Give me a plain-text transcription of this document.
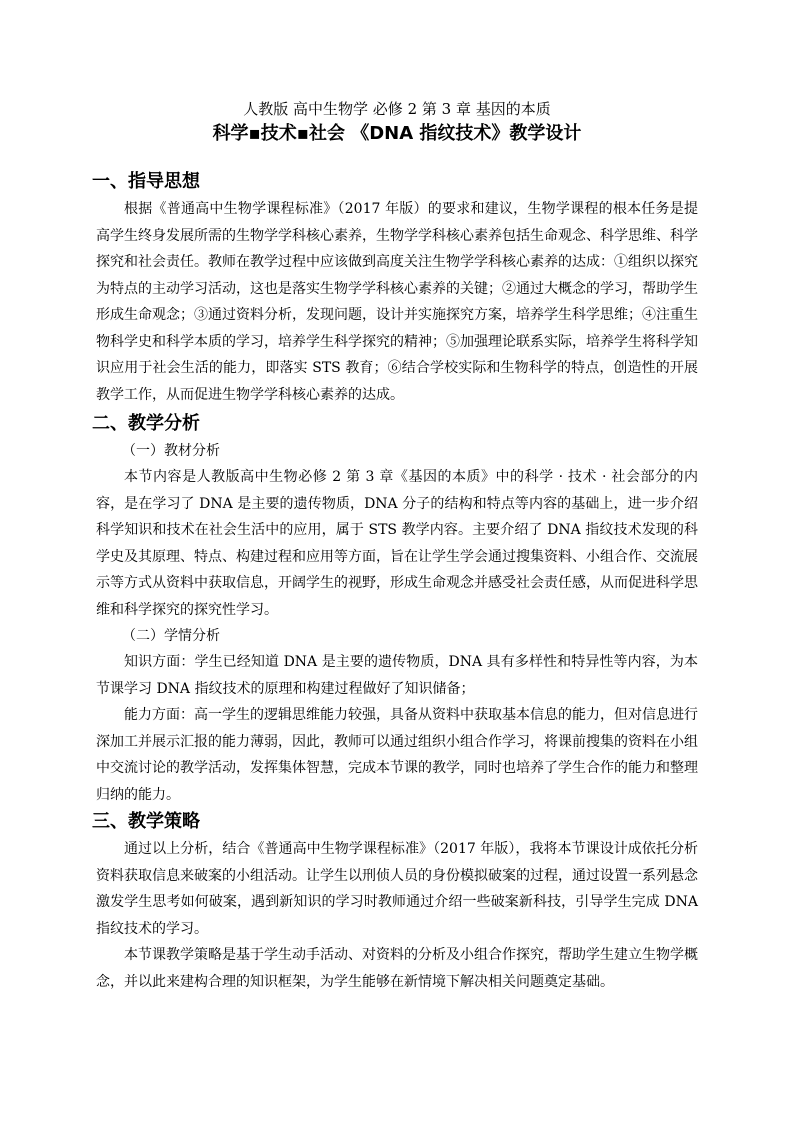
人教版 高中生物学 必修 2 第 3 章 基因的本质

科学▪技术▪社会 《DNA 指纹技术》教学设计

一、指导思想

根据《普通高中生物学课程标准》（2017 年版）的要求和建议，生物学课程的根本任务是提高学生终身发展所需的生物学学科核心素养，生物学学科核心素养包括生命观念、科学思维、科学探究和社会责任。教师在教学过程中应该做到高度关注生物学学科核心素养的达成：①组织以探究为特点的主动学习活动，这也是落实生物学学科核心素养的关键；②通过大概念的学习，帮助学生形成生命观念；③通过资料分析，发现问题，设计并实施探究方案，培养学生科学思维；④注重生物科学史和科学本质的学习，培养学生科学探究的精神；⑤加强理论联系实际，培养学生将科学知识应用于社会生活的能力，即落实 STS 教育；⑥结合学校实际和生物科学的特点，创造性的开展教学工作，从而促进生物学学科核心素养的达成。

二、教学分析

（一）教材分析

本节内容是人教版高中生物必修 2 第 3 章《基因的本质》中的科学 · 技术 · 社会部分的内容，是在学习了 DNA 是主要的遗传物质，DNA 分子的结构和特点等内容的基础上，进一步介绍科学知识和技术在社会生活中的应用，属于 STS 教学内容。主要介绍了 DNA 指纹技术发现的科学史及其原理、特点、构建过程和应用等方面，旨在让学生学会通过搜集资料、小组合作、交流展示等方式从资料中获取信息，开阔学生的视野，形成生命观念并感受社会责任感，从而促进科学思维和科学探究的探究性学习。

（二）学情分析

知识方面：学生已经知道 DNA 是主要的遗传物质，DNA 具有多样性和特异性等内容，为本节课学习 DNA 指纹技术的原理和构建过程做好了知识储备；

能力方面：高一学生的逻辑思维能力较强，具备从资料中获取基本信息的能力，但对信息进行深加工并展示汇报的能力薄弱，因此，教师可以通过组织小组合作学习，将课前搜集的资料在小组中交流讨论的教学活动，发挥集体智慧，完成本节课的教学，同时也培养了学生合作的能力和整理归纳的能力。

三、教学策略

通过以上分析，结合《普通高中生物学课程标准》（2017 年版），我将本节课设计成依托分析资料获取信息来破案的小组活动。让学生以刑侦人员的身份模拟破案的过程，通过设置一系列悬念激发学生思考如何破案，遇到新知识的学习时教师通过介绍一些破案新科技，引导学生完成 DNA 指纹技术的学习。

本节课教学策略是基于学生动手活动、对资料的分析及小组合作探究，帮助学生建立生物学概念，并以此来建构合理的知识框架，为学生能够在新情境下解决相关问题奠定基础。
